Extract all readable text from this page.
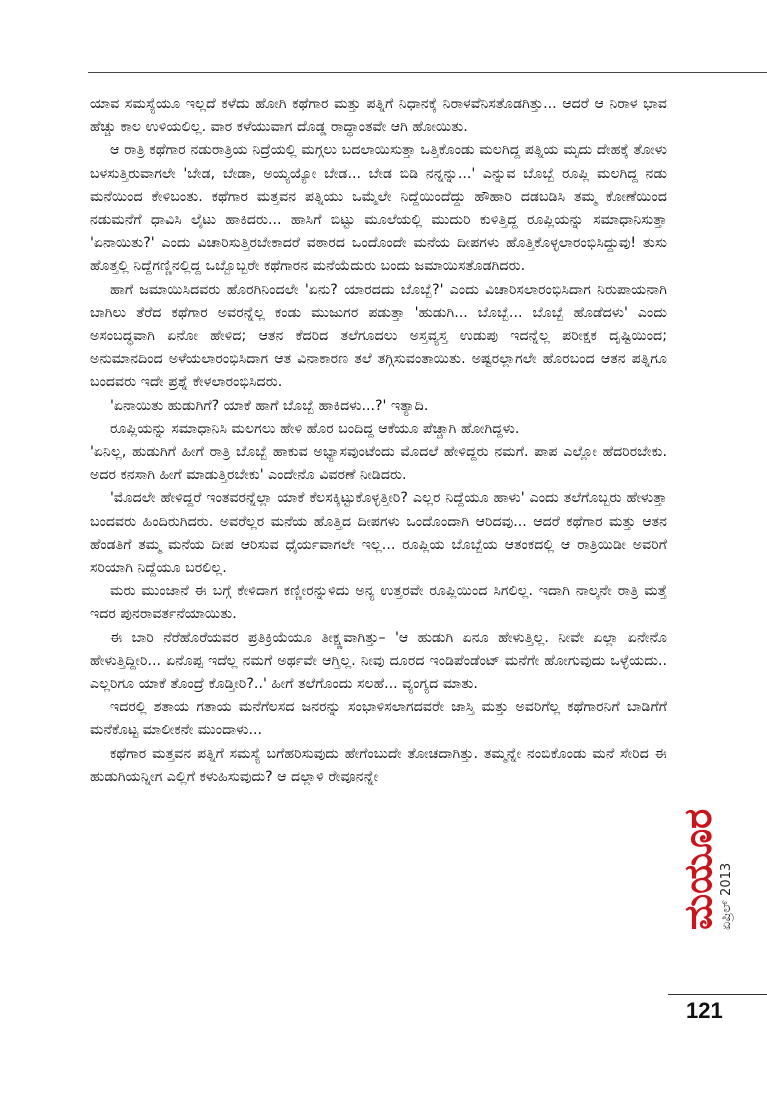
ಯಾವ ಸಮಸ್ಯೆಯೂ ಇಲ್ಲದೆ ಕಳೆದು ಹೋಗಿ ಕಥೆಗಾರ ಮತ್ತು ಪತ್ನಿಗೆ ನಿಧಾನಕ್ಕೆ ನಿರಾಳವೆನಿಸತೊಡಗಿತ್ತು... ಆದರೆ ಆ ನಿರಾಳ ಭಾವ ಹೆಚ್ಚು ಕಾಲ ಉಳಿಯಲಿಲ್ಲ. ವಾರ ಕಳೆಯುವಾಗ ದೊಡ್ಡ ರಾದ್ಧಾಂತವೇ ಆಗಿ ಹೋಯಿತು.

ಆ ರಾತ್ರಿ ಕಥೆಗಾರ ನಡುರಾತ್ರಿಯ ನಿದ್ರೆಯಲ್ಲಿ ಮಗ್ಗಲು ಬದಲಾಯಿಸುತ್ತಾ ಒತ್ತಿಕೊಂಡು ಮಲಗಿದ್ದ ಪತ್ನಿಯ ಮೃದು ದೇಹಕ್ಕೆ ತೋಳು ಬಳಸುತ್ತಿರುವಾಗಲೇ 'ಬೇಡ, ಬೇಡಾ, ಅಯ್ಯಯ್ಯೋ ಬೇಡ... ಬೇಡ ಬಿಡಿ ನನ್ನನ್ನು...' ಎನ್ನುವ ಬೊಬ್ಬೆ ರೂಪ್ಲಿ ಮಲಗಿದ್ದ ನಡು ಮನೆಯಿಂದ ಕೇಳಿಬಂತು. ಕಥೆಗಾರ ಮತ್ತವನ ಪತ್ನಿಯು ಒಮ್ಮೆಲೇ ನಿದ್ದೆಯಿಂದೆದ್ದು ಹೌಹಾರಿ ದಡಬಡಿಸಿ ತಮ್ಮ ಕೋಣೆಯಿಂದ ನಡುಮನೆಗೆ ಧಾವಿಸಿ ಲೈಟು ಹಾಕಿದರು... ಹಾಸಿಗೆ ಬಿಟ್ಟು ಮೂಲೆಯಲ್ಲಿ ಮುದುರಿ ಕುಳಿತ್ತಿದ್ದ ರೂಪ್ಲಿಯನ್ನು ಸಮಾಧಾನಿಸುತ್ತಾ 'ಏನಾಯಿತು?' ಎಂದು ವಿಚಾರಿಸುತ್ತಿರಬೇಕಾದರೆ ವಠಾರದ ಒಂದೊಂದೇ ಮನೆಯ ದೀಪಗಳು ಹೊತ್ತಿಕೊಳ್ಳಲಾರಂಭಿಸಿದ್ದುವು! ತುಸು ಹೊತ್ತಲ್ಲಿ ನಿದ್ದೆಗಣ್ಣಿನಲ್ಲಿದ್ದ ಒಬ್ಬೊಬ್ಬರೇ ಕಥೆಗಾರನ ಮನೆಯೆದುರು ಬಂದು ಜಮಾಯಿಸತೊಡಗಿದರು.

ಹಾಗೆ ಜಮಾಯಿಸಿದವರು ಹೊರಗಿನಿಂದಲೇ 'ಏನು? ಯಾರದದು ಬೊಬ್ಬೆ?' ಎಂದು ವಿಚಾರಿಸಲಾರಂಭಿಸಿದಾಗ ನಿರುಪಾಯನಾಗಿ ಬಾಗಿಲು ತೆರೆದ ಕಥೆಗಾರ ಅವರನ್ನೆಲ್ಲ ಕಂಡು ಮುಜುಗರ ಪಡುತ್ತಾ 'ಹುಡುಗಿ... ಬೊಬ್ಬೆ... ಬೊಬ್ಬೆ ಹೊಡೆದಳು' ಎಂದು ಅಸಂಬದ್ಧವಾಗಿ ಏನೋ ಹೇಳಿದ; ಆತನ ಕೆದರಿದ ತಲೆಗೂದಲು ಅಸ್ತವ್ಯಸ್ತ ಉಡುಪು ಇದನ್ನೆಲ್ಲ ಪರೀಕ್ಷಕ ದೃಷ್ಟಿಯಿಂದ; ಅನುಮಾನದಿಂದ ಅಳೆಯಲಾರಂಭಿಸಿದಾಗ ಆತ ವಿನಾಕಾರಣ ತಲೆ ತಗ್ಗಿಸುವಂತಾಯಿತು. ಅಷ್ಟರಲ್ಲಾಗಲೇ ಹೊರಬಂದ ಆತನ ಪತ್ನಿಗೂ ಬಂದವರು ಇದೇ ಪ್ರಶ್ನೆ ಕೇಳಲಾರಂಭಿಸಿದರು.

'ಏನಾಯಿತು ಹುಡುಗಿಗೆ? ಯಾಕೆ ಹಾಗೆ ಬೊಬ್ಬೆ ಹಾಕಿದಳು...?' ಇತ್ಯಾದಿ.

ರೂಪ್ಲಿಯನ್ನು ಸಮಾಧಾನಿಸಿ ಮಲಗಲು ಹೇಳಿ ಹೊರ ಬಂದಿದ್ದ ಆಕೆಯೂ ಪೆಚ್ಚಾಗಿ ಹೋಗಿದ್ದಳು.

'ಏನಿಲ್ಲ, ಹುಡುಗಿಗೆ ಹೀಗೆ ರಾತ್ರಿ ಬೊಬ್ಬೆ ಹಾಕುವ ಅಭ್ಯಾಸವುಂಟೆಂದು ಮೊದಲೆ ಹೇಳಿದ್ದರು ನಮಗೆ. ಪಾಪ ಎಲ್ಲೋ ಹೆದರಿರಬೇಕು. ಅದರ ಕನಸಾಗಿ ಹೀಗೆ ಮಾಡುತ್ತಿರಬೇಕು' ಎಂದೇನೊ ವಿವರಣೆ ನೀಡಿದರು.

'ಮೊದಲೇ ಹೇಳಿದ್ದರೆ ಇಂತವರನ್ನೆಲ್ಲಾ ಯಾಕೆ ಕೆಲಸಕ್ಕಿಟ್ಟುಕೊಳ್ಳತ್ತೀರಿ? ಎಲ್ಲರ ನಿದ್ದೆಯೂ ಹಾಳು' ಎಂದು ತಲೆಗೊಬ್ಬರು ಹೇಳುತ್ತಾ ಬಂದವರು ಹಿಂದಿರುಗಿದರು. ಅವರೆಲ್ಲರ ಮನೆಯ ಹೊತ್ತಿದ ದೀಪಗಳು ಒಂದೊಂದಾಗಿ ಆರಿದವು... ಆದರೆ ಕಥೆಗಾರ ಮತ್ತು ಆತನ ಹೆಂಡತಿಗೆ ತಮ್ಮ ಮನೆಯ ದೀಪ ಆರಿಸುವ ಧೈರ್ಯವಾಗಲೇ ಇಲ್ಲ... ರೂಪ್ಲಿಯ ಬೊಬ್ಬೆಯ ಆತಂಕದಲ್ಲಿ ಆ ರಾತ್ರಿಯಿಡೀ ಅವರಿಗೆ ಸರಿಯಾಗಿ ನಿದ್ದೆಯೂ ಬರಲಿಲ್ಲ.

ಮರು ಮುಂಜಾನೆ ಈ ಬಗ್ಗೆ ಕೇಳಿದಾಗ ಕಣ್ಣೀರನ್ನುಳಿದು ಅನ್ಯ ಉತ್ತರವೇ ರೂಪ್ಲಿಯಿಂದ ಸಿಗಲಿಲ್ಲ. ಇದಾಗಿ ನಾಲ್ಕನೇ ರಾತ್ರಿ ಮತ್ತೆ ಇದರ ಪುನರಾವರ್ತನೆಯಾಯಿತು.

ಈ ಬಾರಿ ನೆರೆಹೊರೆಯವರ ಪ್ರತಿಕ್ರಿಯೆಯೂ ತೀಕ್ಷ್ಣವಾಗಿತ್ತು– 'ಆ ಹುಡುಗಿ ಏನೂ ಹೇಳುತ್ತಿಲ್ಲ. ನೀವೇ ಏಲ್ಲಾ ಏನೇನೊ ಹೇಳುತ್ತಿದ್ದೀರಿ... ಏನೊಪ್ಪ ಇದೆಲ್ಲ ನಮಗೆ ಅರ್ಥವೇ ಆಗ್ತಿಲ್ಲ. ನೀವು ದೂರದ ಇಂಡಿಪೆಂಡೆಂಟ್ ಮನೆಗೇ ಹೋಗುವುದು ಒಳ್ಳೆಯದು.. ಎಲ್ಲರಿಗೂ ಯಾಕೆ ತೊಂದ್ರೆ ಕೊಡ್ತೀರಿ?..' ಹೀಗೆ ತಲೆಗೊಂದು ಸಲಹೆ... ವ್ಯಂಗ್ಯದ ಮಾತು.

ಇದರಲ್ಲಿ ಶತಾಯ ಗತಾಯ ಮನೆಗೆಲಸದ ಜನರನ್ನು ಸಂಭಾಳಿಸಲಾಗದವರೇ ಜಾಸ್ತಿ ಮತ್ತು ಅವರಿಗೆಲ್ಲ ಕಥೆಗಾರನಿಗೆ ಬಾಡಿಗೆಗೆ ಮನೆಕೊಟ್ಟ ಮಾಲೀಕನೇ ಮುಂದಾಳು...

ಕಥೆಗಾರ ಮತ್ತವನ ಪತ್ನಿಗೆ ಸಮಸ್ಯೆ ಬಗೆಹರಿಸುವುದು ಹೇಗೆಂಬುದೇ ತೋಚದಾಗಿತ್ತು. ತಮ್ಮನ್ನೇ ನಂಬಿಕೊಂಡು ಮನೆ ಸೇರಿದ ಈ ಹುಡುಗಿಯನ್ನೀಗ ಎಲ್ಲಿಗೆ ಕಳುಹಿಸುವುದು? ಆ ದಲ್ಲಾಳಿ ರೇವೂನನ್ನೇ

ಮಯೂರ ಏಪ್ರಿಲ್ 2013
121
